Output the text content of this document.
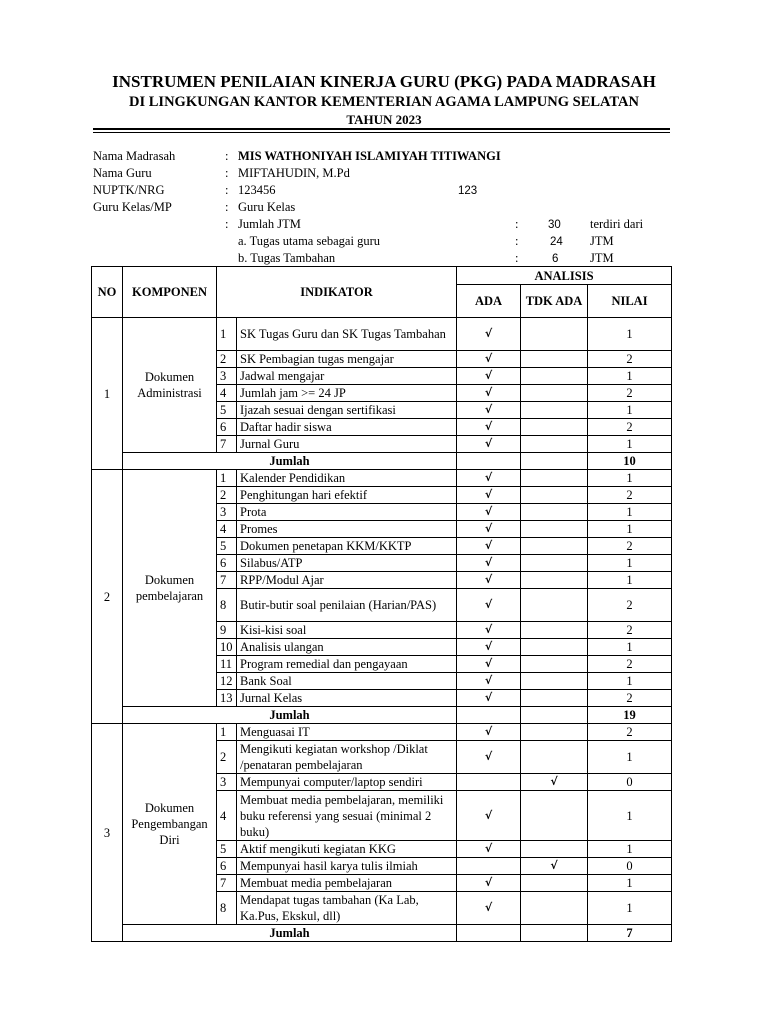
INSTRUMEN PENILAIAN KINERJA GURU (PKG) PADA MADRASAH
DI LINGKUNGAN KANTOR KEMENTERIAN AGAMA LAMPUNG SELATAN
TAHUN 2023
Nama Madrasah	: MIS WATHONIYAH ISLAMIYAH TITIWANGI
Nama Guru	: MIFTAHUDIN, M.Pd
NUPTK/NRG	: 123456	123
Guru Kelas/MP	: Guru Kelas
: Jumlah JTM	:	30 terdiri dari
a. Tugas utama sebagai guru	:	24 JTM
b. Tugas Tambahan	:	6	JTM
NO	KOMPONEN	INDIKATOR		ANALISIS		
				ADA	TDK ADA	NILAI
1	Dokumen Administrasi	1	SK Tugas Guru dan SK Tugas Tambahan	√		1
		2	SK Pembagian tugas mengajar	√		2
		3	Jadwal mengajar	√		1
		4	Jumlah jam >= 24 JP	√		2
		5	Ijazah sesuai dengan sertifikasi	√		1
		6	Daftar hadir siswa	√		2
		7	Jurnal Guru	√		1
	Jumlah					10
2	Dokumen pembelajaran	1	Kalender Pendidikan	√		1
		2	Penghitungan hari efektif	√		2
		3	Prota	√		1
		4	Promes	√		1
		5	Dokumen penetapan KKM/KKTP	√		2
		6	Silabus/ATP	√		1
		7	RPP/Modul Ajar	√		1
		8	Butir-butir soal penilaian (Harian/PAS)	√		2
		9	Kisi-kisi soal	√		2
		10	Analisis ulangan	√		1
		11	Program remedial dan pengayaan	√		2
		12	Bank Soal	√		1
		13	Jurnal Kelas	√		2
	Jumlah					19
3	Dokumen Pengembangan Diri	1	Menguasai IT	√		2
		2	Mengikuti kegiatan workshop /Diklat /penataran pembelajaran	√		1
		3	Mempunyai computer/laptop sendiri		√	0
		4	Membuat media pembelajaran, memiliki buku referensi yang sesuai (minimal 2 buku)	√		1
		5	Aktif mengikuti kegiatan KKG	√		1
		6	Mempunyai hasil karya tulis ilmiah		√	0
		7	Membuat media pembelajaran	√		1
		8	Mendapat tugas tambahan (Ka Lab, Ka.Pus, Ekskul, dll)	√		1
	Jumlah					7
